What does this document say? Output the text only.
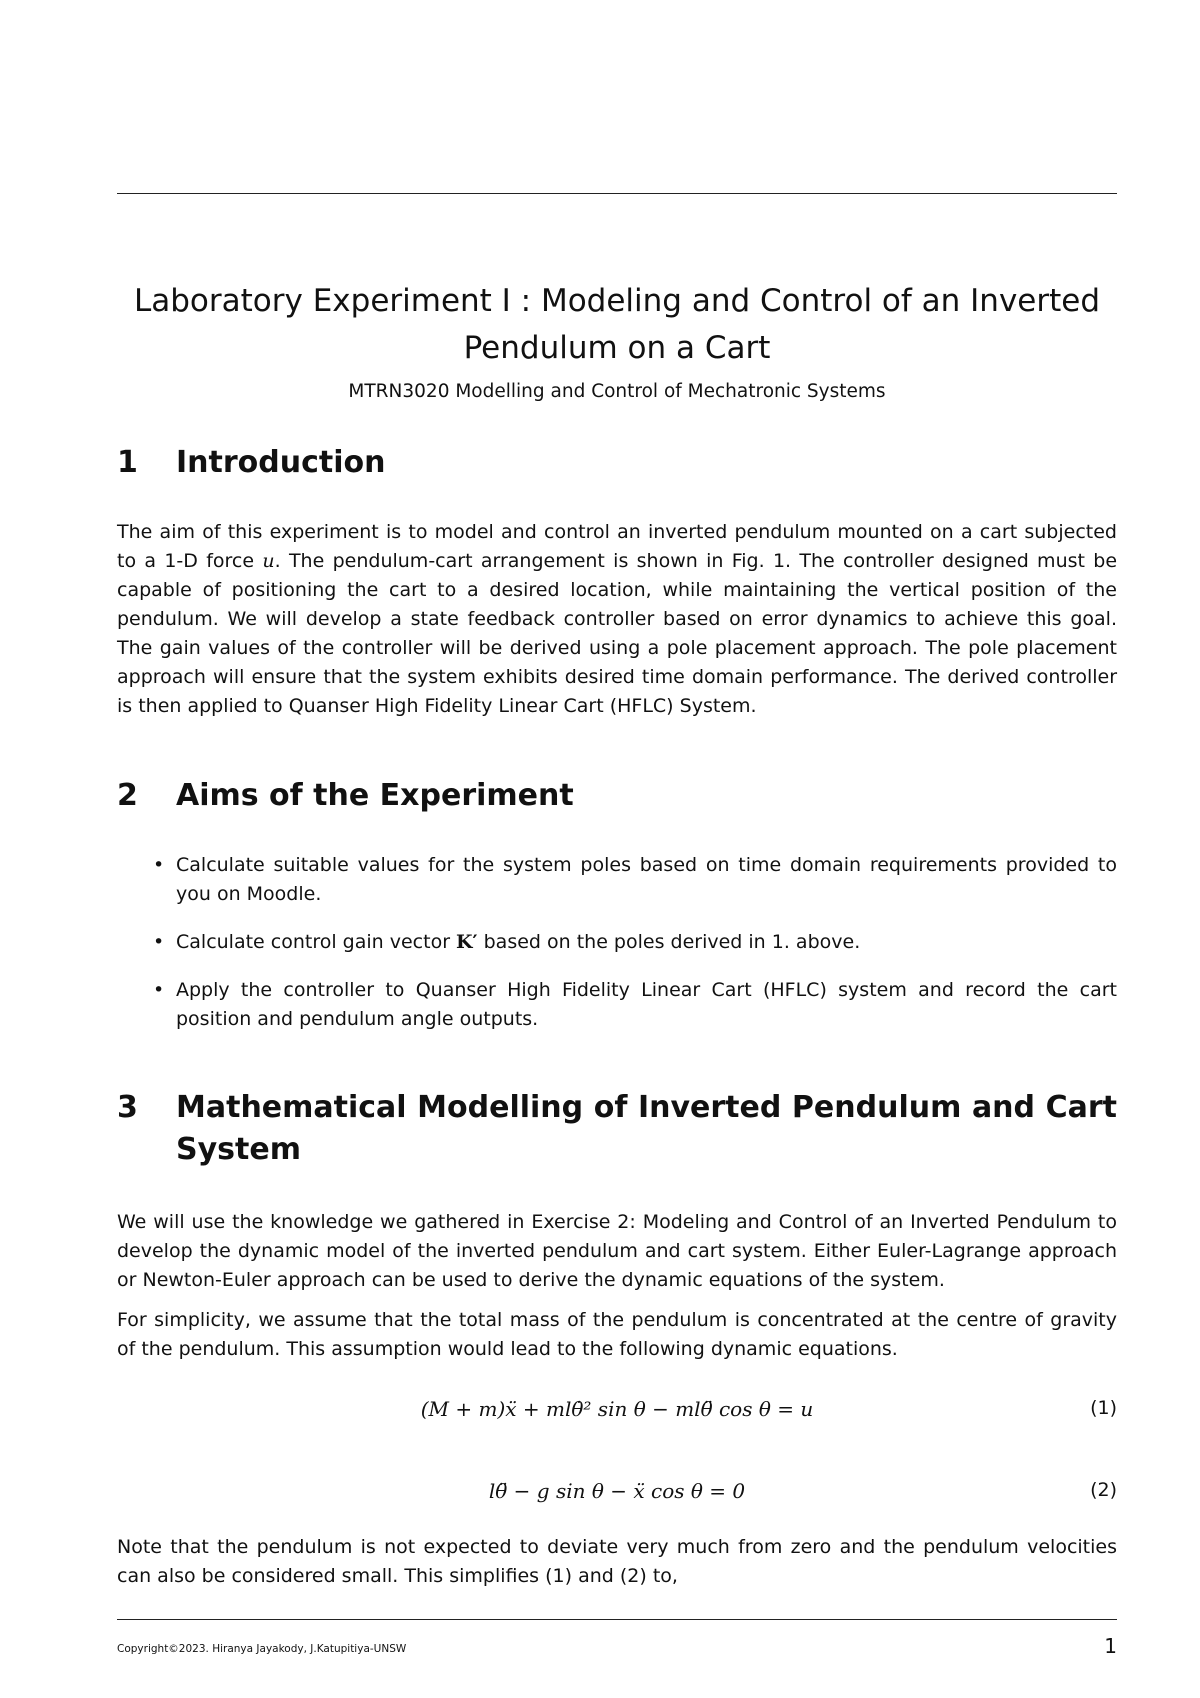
Laboratory Experiment I : Modeling and Control of an Inverted
Pendulum on a Cart

MTRN3020 Modelling and Control of Mechatronic Systems

1	Introduction

The aim of this experiment is to model and control an inverted pendulum mounted on a cart subjected to a 1-D force u. The pendulum-cart arrangement is shown in Fig. 1. The controller designed must be capable of positioning the cart to a desired location, while maintaining the vertical position of the pendulum. We will develop a state feedback controller based on error dynamics to achieve this goal. The gain values of the controller will be derived using a pole placement approach. The pole placement approach will ensure that the system exhibits desired time domain performance. The derived controller is then applied to Quanser High Fidelity Linear Cart (HFLC) System.

2	Aims of the Experiment
• Calculate suitable values for the system poles based on time domain requirements provided to you on Moodle.
• Calculate control gain vector K′ based on the poles derived in 1. above.
• Apply the controller to Quanser High Fidelity Linear Cart (HFLC) system and record the cart position and pendulum angle outputs.
3	Mathematical Modelling of Inverted Pendulum and Cart System

We will use the knowledge we gathered in Exercise 2: Modeling and Control of an Inverted Pendulum to develop the dynamic model of the inverted pendulum and cart system. Either Euler-Lagrange approach or Newton-Euler approach can be used to derive the dynamic equations of the system.

For simplicity, we assume that the total mass of the pendulum is concentrated at the centre of gravity of the pendulum. This assumption would lead to the following dynamic equations.

(M + m)ẍ + mlθ̇² sin θ − mlθ̈ cos θ = u	(1)
lθ̈ − g sin θ − ẍ cos θ = 0	(2)

Note that the pendulum is not expected to deviate very much from zero and the pendulum velocities can also be considered small. This simplifies (1) and (2) to,

Copyright©2023. Hiranya Jayakody, J.Katupitiya-UNSW	1
